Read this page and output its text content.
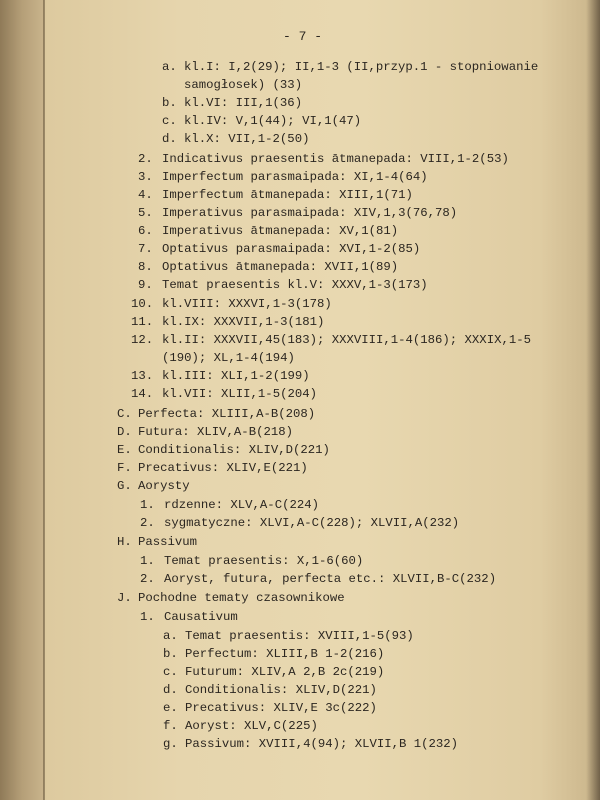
- 7 -
a. kl.I: I,2(29); II,1-3 (II,przyp.1 - stopniowanie
samogłosek) (33)
b. kl.VI: III,1(36)
c. kl.IV: V,1(44); VI,1(47)
d. kl.X: VII,1-2(50)
2. Indicativus praesentis ātmanepada: VIII,1-2(53)
3. Imperfectum parasmaipada: XI,1-4(64)
4. Imperfectum ātmanepada: XIII,1(71)
5. Imperativus parasmaipada: XIV,1,3(76,78)
6. Imperativus ātmanepada: XV,1(81)
7. Optativus parasmaipada: XVI,1-2(85)
8. Optativus ātmanepada: XVII,1(89)
9. Temat praesentis kl.V: XXXV,1-3(173)
10. kl.VIII: XXXVI,1-3(178)
11. kl.IX: XXXVII,1-3(181)
12. kl.II: XXXVII,45(183); XXXVIII,1-4(186); XXXIX,1-5
(190); XL,1-4(194)
13. kl.III: XLI,1-2(199)
14. kl.VII: XLII,1-5(204)
C. Perfecta: XLIII,A-B(208)
D. Futura: XLIV,A-B(218)
E. Conditionalis: XLIV,D(221)
F. Precativus: XLIV,E(221)
G. Aorysty
1. rdzenne: XLV,A-C(224)
2. sygmatyczne: XLVI,A-C(228); XLVII,A(232)
H. Passivum
1. Temat praesentis: X,1-6(60)
2. Aoryst, futura, perfecta etc.: XLVII,B-C(232)
J. Pochodne tematy czasownikowe
1. Causativum
a. Temat praesentis: XVIII,1-5(93)
b. Perfectum: XLIII,B 1-2(216)
c. Futurum: XLIV,A 2,B 2c(219)
d. Conditionalis: XLIV,D(221)
e. Precativus: XLIV,E 3c(222)
f. Aoryst: XLV,C(225)
g. Passivum: XVIII,4(94); XLVII,B 1(232)
